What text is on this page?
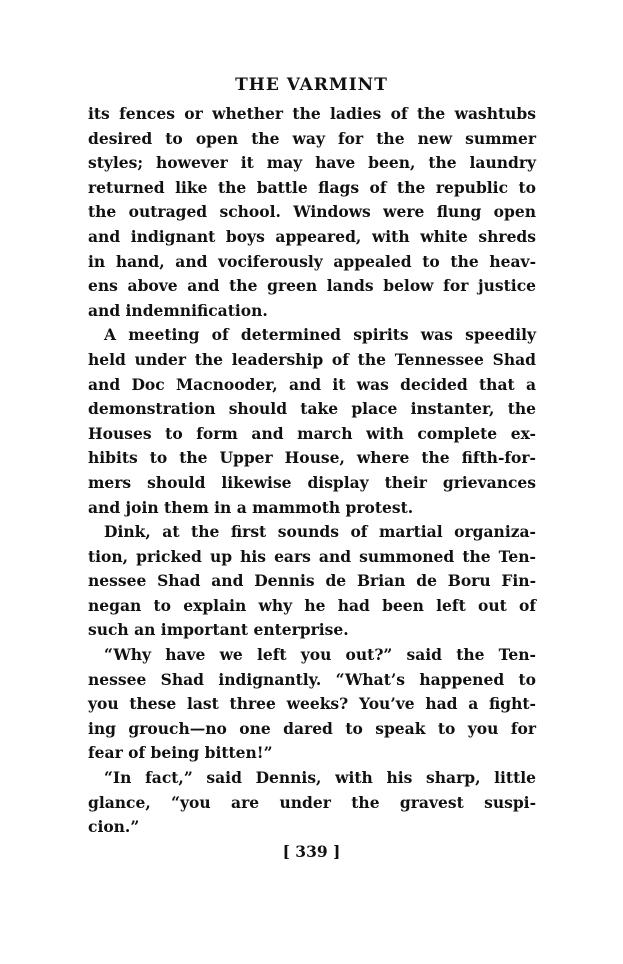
THE VARMINT
its fences or whether the ladies of the washtubs
desired to open the way for the new summer
styles; however it may have been, the laundry
returned like the battle flags of the republic to
the outraged school. Windows were flung open
and indignant boys appeared, with white shreds
in hand, and vociferously appealed to the heav-
ens above and the green lands below for justice
and indemnification.
A meeting of determined spirits was speedily
held under the leadership of the Tennessee Shad
and Doc Macnooder, and it was decided that a
demonstration should take place instanter, the
Houses to form and march with complete ex-
hibits to the Upper House, where the fifth-for-
mers should likewise display their grievances
and join them in a mammoth protest.
Dink, at the first sounds of martial organiza-
tion, pricked up his ears and summoned the Ten-
nessee Shad and Dennis de Brian de Boru Fin-
negan to explain why he had been left out of
such an important enterprise.
“Why have we left you out?” said the Ten-
nessee Shad indignantly. “What’s happened to
you these last three weeks? You’ve had a fight-
ing grouch—no one dared to speak to you for
fear of being bitten!”
“In fact,” said Dennis, with his sharp, little
glance, “you are under the gravest suspi-
cion.”
[ 339 ]
